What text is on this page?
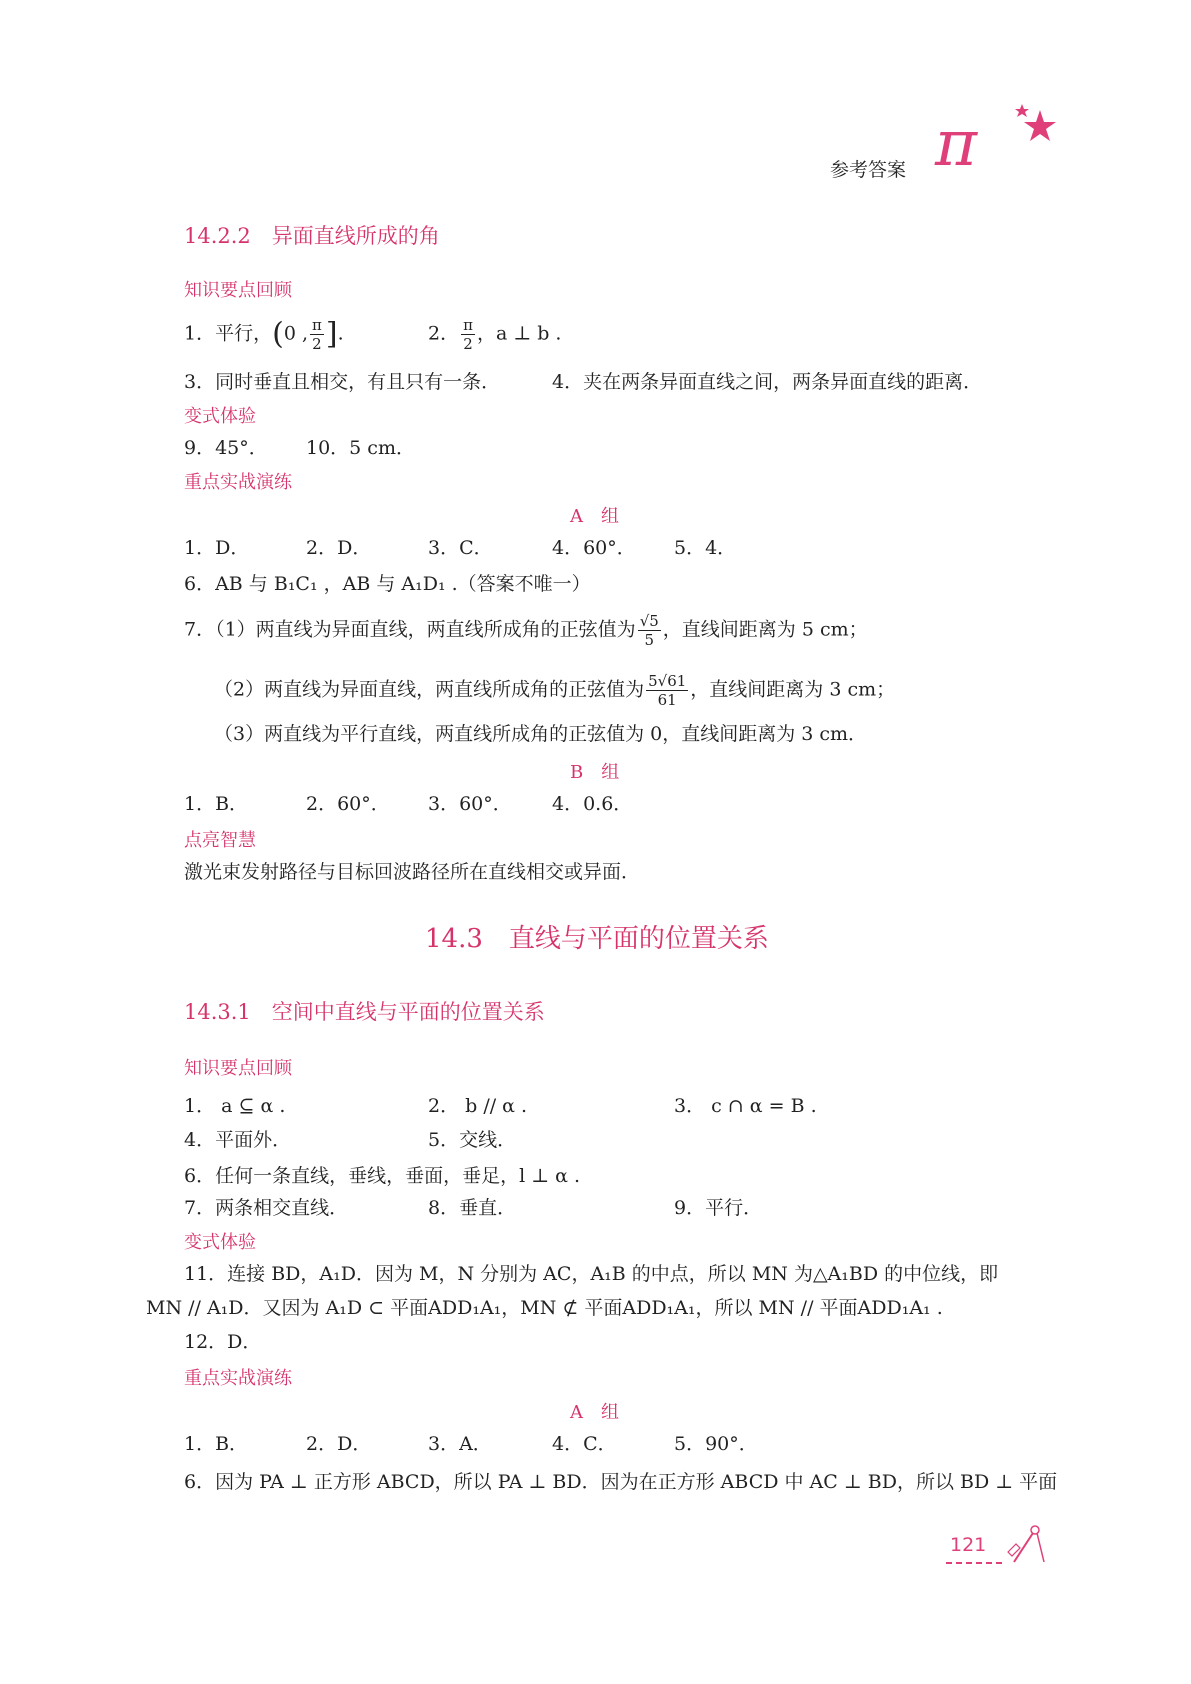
参考答案 π
14.2.2　异面直线所成的角
知识要点回顾
1．平行，(0 , $\frac{\pi}{2}$ ].	2． $\frac{\pi}{2}$ ，a ⊥ b .
3．同时垂直且相交，有且只有一条．	4．夹在两条异面直线之间，两条异面直线的距离．
变式体验
9．45°． 10．5 cm．
重点实战演练
A　组
1．D．	2．D．	3．C．	4．60°． 5．4．
6．AB 与 B₁C₁ ，AB 与 A₁D₁ .（答案不唯一）
7．（1）两直线为异面直线，两直线所成角的正弦值为 $\frac{√5}{5}$ ，直线间距离为 5 cm；
（2）两直线为异面直线，两直线所成角的正弦值为 $\frac{5√61}{61}$ ，直线间距离为 3 cm；
（3）两直线为平行直线，两直线所成角的正弦值为 0，直线间距离为 3 cm．
B　组
1．B．	2．60°． 3．60°． 4．0.6．
点亮智慧
激光束发射路径与目标回波路径所在直线相交或异面．
14.3　直线与平面的位置关系
14.3.1　空间中直线与平面的位置关系
知识要点回顾
1． a ⊆ α .	2． b // α .	3． c ∩ α = B .
4．平面外．	5．交线．
6．任何一条直线，垂线，垂面，垂足，l ⊥ α .
7．两条相交直线．	8．垂直．	9．平行．
变式体验
11．连接 BD，A₁D．因为 M，N 分别为 AC，A₁B 的中点，所以 MN 为△A₁BD 的中位线，即
MN // A₁D．又因为 A₁D ⊂ 平面ADD₁A₁，MN ⊄ 平面ADD₁A₁，所以 MN // 平面ADD₁A₁ .
12．D．
重点实战演练
A　组
1．B．	2．D．	3．A．	4．C．	5．90°．
6．因为 PA ⊥ 正方形 ABCD，所以 PA ⊥ BD．因为在正方形 ABCD 中 AC ⊥ BD，所以 BD ⊥ 平面
121
